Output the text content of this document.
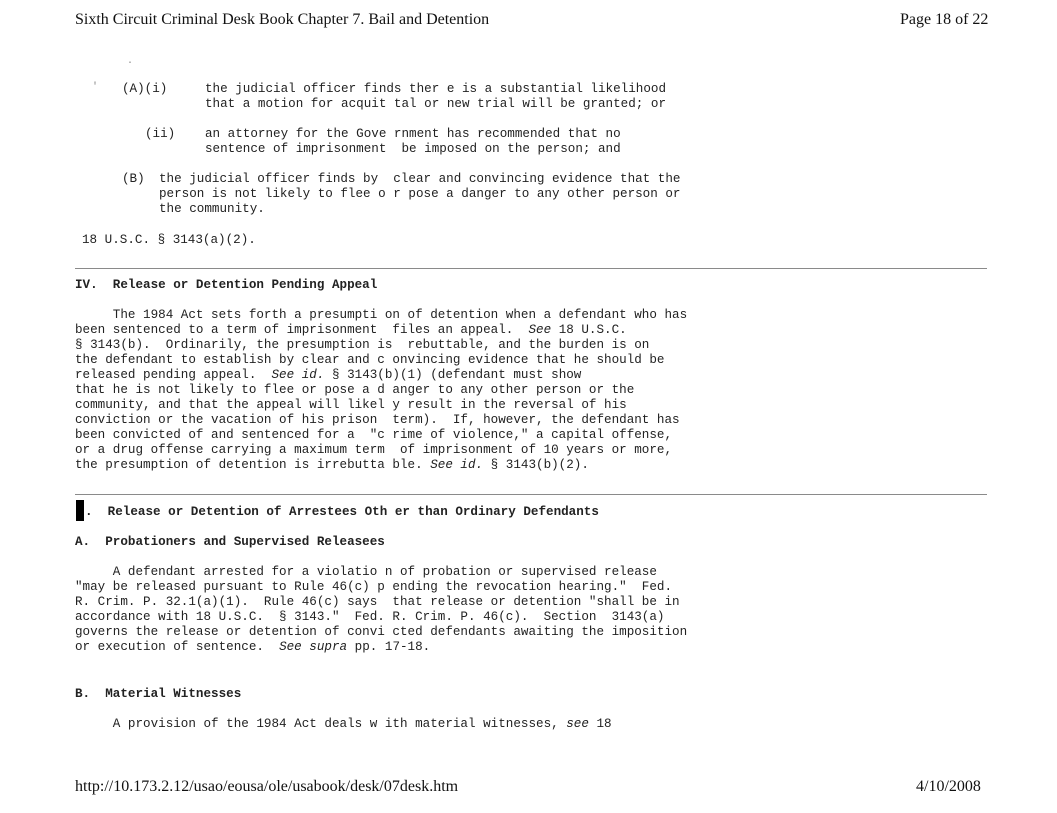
Sixth Circuit Criminal Desk Book Chapter 7. Bail and Detention	Page 18 of 22
.
' (A)(i)	the judicial officer finds ther e is a substantial likelihood
that a motion for acquit tal or new trial will be granted; or
(ii) an attorney for the Gove rnment has recommended that no
sentence of imprisonment  be imposed on the person; and
(B) the judicial officer finds by  clear and convincing evidence that the
person is not likely to flee o r pose a danger to any other person or
the community.
18 U.S.C. § 3143(a)(2).
IV.  Release or Detention Pending Appeal
The 1984 Act sets forth a presumpti on of detention when a defendant who has
been sentenced to a term of imprisonment  files an appeal.  See 18 U.S.C.
§ 3143(b).  Ordinarily, the presumption is  rebuttable, and the burden is on
the defendant to establish by clear and c onvincing evidence that he should be
released pending appeal.  See id. § 3143(b)(1) (defendant must show
that he is not likely to flee or pose a d anger to any other person or the
community, and that the appeal will likel y result in the reversal of his
conviction or the vacation of his prison  term).  If, however, the defendant has
been convicted of and sentenced for a  "c rime of violence," a capital offense,
or a drug offense carrying a maximum term  of imprisonment of 10 years or more,
the presumption of detention is irrebutta ble. See id. § 3143(b)(2).
.  Release or Detention of Arrestees Oth er than Ordinary Defendants
A.  Probationers and Supervised Releasees
A defendant arrested for a violatio n of probation or supervised release
"may be released pursuant to Rule 46(c) p ending the revocation hearing."  Fed.
R. Crim. P. 32.1(a)(1).  Rule 46(c) says  that release or detention "shall be in
accordance with 18 U.S.C.  § 3143."  Fed. R. Crim. P. 46(c).  Section  3143(a)
governs the release or detention of convi cted defendants awaiting the imposition
or execution of sentence.  See supra pp. 17-18.
B.  Material Witnesses
A provision of the 1984 Act deals w ith material witnesses, see 18
http://10.173.2.12/usao/eousa/ole/usabook/desk/07desk.htm	4/10/2008
